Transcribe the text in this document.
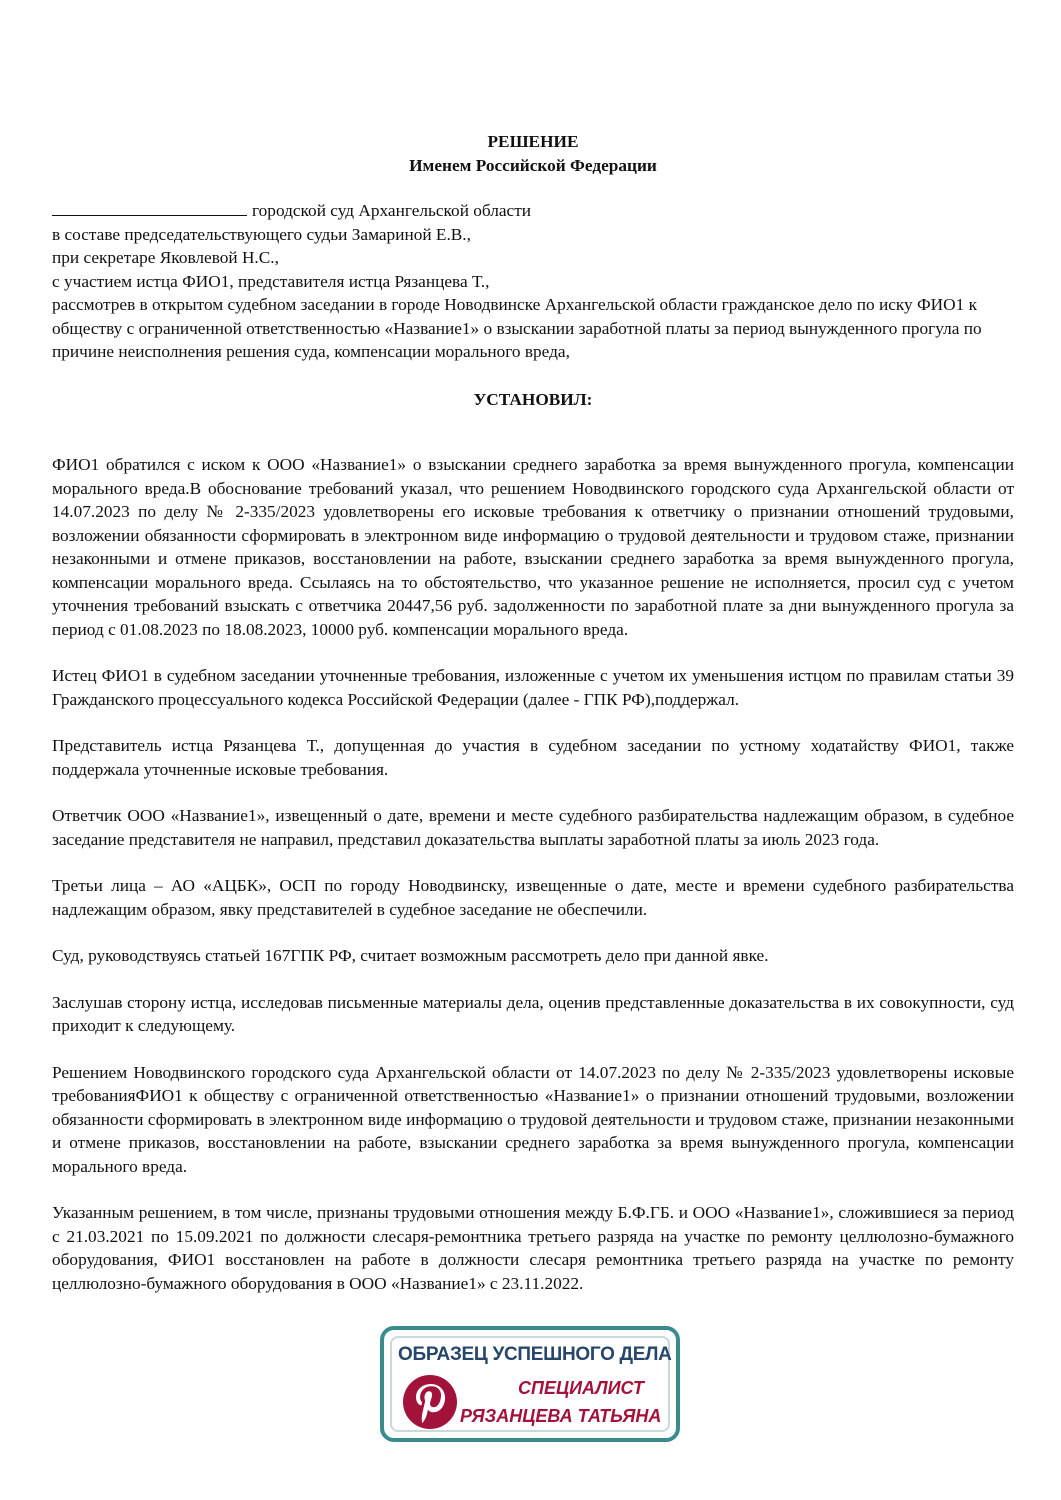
РЕШЕНИЕ

Именем Российской Федерации

городской суд Архангельской области

в составе председательствующего судьи Замариной Е.В.,

при секретаре Яковлевой Н.С.,

с участием истца ФИО1, представителя истца Рязанцева Т.,

рассмотрев в открытом судебном заседании в городе Новодвинске Архангельской области гражданское дело по иску ФИО1 к обществу с ограниченной ответственностью «Название1» о взыскании заработной платы за период вынужденного прогула по причине неисполнения решения суда, компенсации морального вреда,

УСТАНОВИЛ:

ФИО1 обратился с иском к ООО «Название1» о взыскании среднего заработка за время вынужденного прогула, компенсации морального вреда.В обоснование требований указал, что решением Новодвинского городского суда Архангельской области от 14.07.2023 по делу № 2-335/2023 удовлетворены его исковые требования к ответчику о признании отношений трудовыми, возложении обязанности сформировать в электронном виде информацию о трудовой деятельности и трудовом стаже, признании незаконными и отмене приказов, восстановлении на работе, взыскании среднего заработка за время вынужденного прогула, компенсации морального вреда. Ссылаясь на то обстоятельство, что указанное решение не исполняется, просил суд с учетом уточнения требований взыскать с ответчика 20447,56 руб. задолженности по заработной плате за дни вынужденного прогула за период с 01.08.2023 по 18.08.2023, 10000 руб. компенсации морального вреда.

Истец ФИО1 в судебном заседании уточненные требования, изложенные с учетом их уменьшения истцом по правилам статьи 39 Гражданского процессуального кодекса Российской Федерации (далее - ГПК РФ),поддержал.

Представитель истца Рязанцева Т., допущенная до участия в судебном заседании по устному ходатайству ФИО1, также поддержала уточненные исковые требования.

Ответчик ООО «Название1», извещенный о дате, времени и месте судебного разбирательства надлежащим образом, в судебное заседание представителя не направил, представил доказательства выплаты заработной платы за июль 2023 года.

Третьи лица – АО «АЦБК», ОСП по городу Новодвинску, извещенные о дате, месте и времени судебного разбирательства надлежащим образом, явку представителей в судебное заседание не обеспечили.

Суд, руководствуясь статьей 167ГПК РФ, считает возможным рассмотреть дело при данной явке.

Заслушав сторону истца, исследовав письменные материалы дела, оценив представленные доказательства в их совокупности, суд приходит к следующему.

Решением Новодвинского городского суда Архангельской области от 14.07.2023 по делу № 2-335/2023 удовлетворены исковые требованияФИО1 к обществу с ограниченной ответственностью «Название1» о признании отношений трудовыми, возложении обязанности сформировать в электронном виде информацию о трудовой деятельности и трудовом стаже, признании незаконными и отмене приказов, восстановлении на работе, взыскании среднего заработка за время вынужденного прогула, компенсации морального вреда.

Указанным решением, в том числе, признаны трудовыми отношения между Б.Ф.ГБ. и ООО «Название1», сложившиеся за период с 21.03.2021 по 15.09.2021 по должности слесаря-ремонтника третьего разряда на участке по ремонту целлюлозно-бумажного оборудования, ФИО1 восстановлен на работе в должности слесаря ремонтника третьего разряда на участке по ремонту целлюлозно-бумажного оборудования в ООО «Название1» с 23.11.2022.

ОБРАЗЕЦ УСПЕШНОГО ДЕЛА
СПЕЦИАЛИСТ
РЯЗАНЦЕВА ТАТЬЯНА
